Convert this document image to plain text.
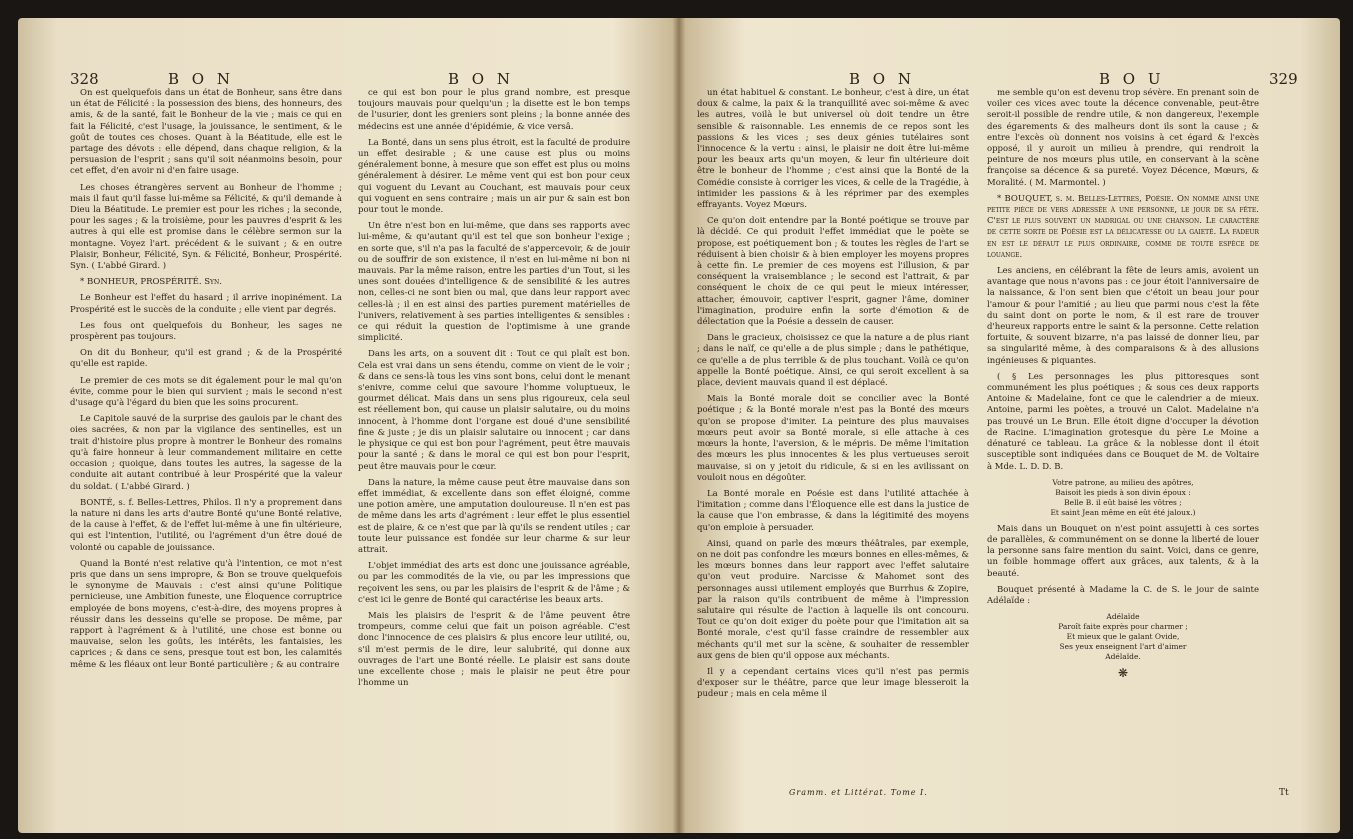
328	B O N	B O N

On est quelquefois dans un état de Bonheur, sans être dans un état de Félicité : la possession des biens, des honneurs, des amis, & de la santé, fait le Bonheur de la vie ; mais ce qui en fait la Félicité, c'est l'usage, la jouissance, le sentiment, & le goût de toutes ces choses. Quant à la Béatitude, elle est le partage des dévots : elle dépend, dans chaque religion, & la persuasion de l'esprit ; sans qu'il soit néanmoins besoin, pour cet effet, d'en avoir ni d'en faire usage.

Les choses étrangères servent au Bonheur de l'homme ; mais il faut qu'il fasse lui-même sa Félicité, & qu'il demande à Dieu la Béatitude. Le premier est pour les riches ; la seconde, pour les sages ; & la troisième, pour les pauvres d'esprit & les autres à qui elle est promise dans le célèbre sermon sur la montagne. Voyez l'art. précédent & le suivant ; & en outre Plaisir, Bonheur, Félicité, Syn. & Félicité, Bonheur, Prospérité. Syn. ( L'abbé Girard. )

* BONHEUR, PROSPÉRITÉ. Syn.

Le Bonheur est l'effet du hasard ; il arrive inopinément. La Prospérité est le succès de la conduite ; elle vient par degrés.

Les fous ont quelquefois du Bonheur, les sages ne prospèrent pas toujours.

On dit du Bonheur, qu'il est grand ; & de la Prospérité qu'elle est rapide.

Le premier de ces mots se dit également pour le mal qu'on évite, comme pour le bien qui survient ; mais le second n'est d'usage qu'à l'égard du bien que les soins procurent.

Le Capitole sauvé de la surprise des gaulois par le chant des oies sacrées, & non par la vigilance des sentinelles, est un trait d'histoire plus propre à montrer le Bonheur des romains qu'à faire honneur à leur commandement militaire en cette occasion ; quoique, dans toutes les autres, la sagesse de la conduite ait autant contribué à leur Prospérité que la valeur du soldat. ( L'abbé Girard. )

BONTÉ, s. f. Belles-Lettres, Philos. Il n'y a proprement dans la nature ni dans les arts d'autre Bonté qu'une Bonté relative, de la cause à l'effet, & de l'effet lui-même à une fin ultérieure, qui est l'intention, l'utilité, ou l'agrément d'un être doué de volonté ou capable de jouissance.

Quand la Bonté n'est relative qu'à l'intention, ce mot n'est pris que dans un sens impropre, & Bon se trouve quelquefois le synonyme de Mauvais : c'est ainsi qu'une Politique pernicieuse, une Ambition funeste, une Éloquence corruptrice employée de bons moyens, c'est-à-dire, des moyens propres à réussir dans les desseins qu'elle se propose. De même, par rapport à l'agrément & à l'utilité, une chose est bonne ou mauvaise, selon les goûts, les intérêts, les fantaisies, les caprices ; & dans ce sens, presque tout est bon, les calamités même & les fléaux ont leur Bonté particulière ; & au contraire

ce qui est bon pour le plus grand nombre, est presque toujours mauvais pour quelqu'un ; la disette est le bon temps de l'usurier, dont les greniers sont pleins ; la bonne année des médecins est une année d'épidémie, & vice versâ.

La Bonté, dans un sens plus étroit, est la faculté de produire un effet desirable ; & une cause est plus ou moins généralement bonne, à mesure que son effet est plus ou moins généralement à désirer. Le même vent qui est bon pour ceux qui voguent du Levant au Couchant, est mauvais pour ceux qui voguent en sens contraire ; mais un air pur & sain est bon pour tout le monde.

Un être n'est bon en lui-même, que dans ses rapports avec lui-même, & qu'autant qu'il est tel que son bonheur l'exige ; en sorte que, s'il n'a pas la faculté de s'appercevoir, & de jouir ou de souffrir de son existence, il n'est en lui-même ni bon ni mauvais. Par la même raison, entre les parties d'un Tout, si les unes sont douées d'intelligence & de sensibilité & les autres non, celles-ci ne sont bien ou mal, que dans leur rapport avec celles-là ; il en est ainsi des parties purement matérielles de l'univers, relativement à ses parties intelligentes & sensibles : ce qui réduit la question de l'optimisme à une grande simplicité.

Dans les arts, on a souvent dit : Tout ce qui plaît est bon. Cela est vrai dans un sens étendu, comme on vient de le voir ; & dans ce sens-là tous les vins sont bons, celui dont le menant s'enivre, comme celui que savoure l'homme voluptueux, le gourmet délicat. Mais dans un sens plus rigoureux, cela seul est réellement bon, qui cause un plaisir salutaire, ou du moins innocent, à l'homme dont l'organe est doué d'une sensibilité fine & juste ; je dis un plaisir salutaire ou innocent ; car dans le physique ce qui est bon pour l'agrément, peut être mauvais pour la santé ; & dans le moral ce qui est bon pour l'esprit, peut être mauvais pour le cœur.

Dans la nature, la même cause peut être mauvaise dans son effet immédiat, & excellente dans son effet éloigné, comme une potion amère, une amputation douloureuse. Il n'en est pas de même dans les arts d'agrément : leur effet le plus essentiel est de plaire, & ce n'est que par là qu'ils se rendent utiles ; car toute leur puissance est fondée sur leur charme & sur leur attrait.

L'objet immédiat des arts est donc une jouissance agréable, ou par les commodités de la vie, ou par les impressions que reçoivent les sens, ou par les plaisirs de l'esprit & de l'âme ; & c'est ici le genre de Bonté qui caractérise les beaux arts.

Mais les plaisirs de l'esprit & de l'âme peuvent être trompeurs, comme celui que fait un poison agréable. C'est donc l'innocence de ces plaisirs & plus encore leur utilité, ou, s'il m'est permis de le dire, leur salubrité, qui donne aux ouvrages de l'art une Bonté réelle. Le plaisir est sans doute une excellente chose ; mais le plaisir ne peut être pour l'homme un

B O N	B O U	329

un état habituel & constant. Le bonheur, c'est à dire, un état doux & calme, la paix & la tranquillité avec soi-même & avec les autres, voilà le but universel où doit tendre un être sensible & raisonnable. Les ennemis de ce repos sont les passions & les vices ; ses deux génies tutélaires sont l'innocence & la vertu : ainsi, le plaisir ne doit être lui-même pour les beaux arts qu'un moyen, & leur fin ultérieure doit être le bonheur de l'homme ; c'est ainsi que la Bonté de la Comédie consiste à corriger les vices, & celle de la Tragédie, à intimider les passions & à les réprimer par des exemples effrayants. Voyez Mœurs.

Ce qu'on doit entendre par la Bonté poétique se trouve par là décidé. Ce qui produit l'effet immédiat que le poète se propose, est poétiquement bon ; & toutes les règles de l'art se réduisent à bien choisir & à bien employer les moyens propres à cette fin. Le premier de ces moyens est l'illusion, & par conséquent la vraisemblance ; le second est l'attrait, & par conséquent le choix de ce qui peut le mieux intéresser, attacher, émouvoir, captiver l'esprit, gagner l'âme, dominer l'imagination, produire enfin la sorte d'émotion & de délectation que la Poésie a dessein de causer.

Dans le gracieux, choisissez ce que la nature a de plus riant ; dans le naïf, ce qu'elle a de plus simple ; dans le pathétique, ce qu'elle a de plus terrible & de plus touchant. Voilà ce qu'on appelle la Bonté poétique. Ainsi, ce qui seroit excellent à sa place, devient mauvais quand il est déplacé.

Mais la Bonté morale doit se concilier avec la Bonté poétique ; & la Bonté morale n'est pas la Bonté des mœurs qu'on se propose d'imiter. La peinture des plus mauvaises mœurs peut avoir sa Bonté morale, si elle attache à ces mœurs la honte, l'aversion, & le mépris. De même l'imitation des mœurs les plus innocentes & les plus vertueuses seroit mauvaise, si on y jetoit du ridicule, & si en les avilissant on vouloit nous en dégoûter.

La Bonté morale en Poésie est dans l'utilité attachée à l'imitation ; comme dans l'Éloquence elle est dans la justice de la cause que l'on embrasse, & dans la légitimité des moyens qu'on emploie à persuader.

Ainsi, quand on parle des mœurs théâtrales, par exemple, on ne doit pas confondre les mœurs bonnes en elles-mêmes, & les mœurs bonnes dans leur rapport avec l'effet salutaire qu'on veut produire. Narcisse & Mahomet sont des personnages aussi utilement employés que Burrhus & Zopire, par la raison qu'ils contribuent de même à l'impression salutaire qui résulte de l'action à laquelle ils ont concouru. Tout ce qu'on doit exiger du poète pour que l'imitation ait sa Bonté morale, c'est qu'il fasse craindre de ressembler aux méchants qu'il met sur la scène, & souhaiter de ressembler aux gens de bien qu'il oppose aux méchants.

Il y a cependant certains vices qu'il n'est pas permis d'exposer sur le théâtre, parce que leur image blesseroit la pudeur ; mais en cela même il

me semble qu'on est devenu trop sévère. En prenant soin de voiler ces vices avec toute la décence convenable, peut-être seroit-il possible de rendre utile, & non dangereux, l'exemple des égarements & des malheurs dont ils sont la cause ; & entre l'excès où donnent nos voisins à cet égard & l'excès opposé, il y auroit un milieu à prendre, qui rendroit la peinture de nos mœurs plus utile, en conservant à la scène françoise sa décence & sa pureté. Voyez Décence, Mœurs, & Moralité. ( M. Marmontel. )

* BOUQUET, s. m. Belles-Lettres, Poésie. On nomme ainsi une petite pièce de vers adressée à une personne, le jour de sa fête. C'est le plus souvent un madrigal ou une chanson. Le caractère de cette sorte de Poésie est la délicatesse ou la gaieté. La fadeur en est le défaut le plus ordinaire, comme de toute espèce de louange.

Les anciens, en célébrant la fête de leurs amis, avoient un avantage que nous n'avons pas : ce jour étoit l'anniversaire de la naissance, & l'on sent bien que c'étoit un beau jour pour l'amour & pour l'amitié ; au lieu que parmi nous c'est la fête du saint dont on porte le nom, & il est rare de trouver d'heureux rapports entre le saint & la personne. Cette relation fortuite, & souvent bizarre, n'a pas laissé de donner lieu, par sa singularité même, à des comparaisons & à des allusions ingénieuses & piquantes.

( § Les personnages les plus pittoresques sont communément les plus poétiques ; & sous ces deux rapports Antoine & Madelaine, font ce que le calendrier a de mieux. Antoine, parmi les poètes, a trouvé un Calot. Madelaine n'a pas trouvé un Le Brun. Elle étoit digne d'occuper la dévotion de Racine. L'imagination grotesque du père Le Moine a dénaturé ce tableau. La grâce & la noblesse dont il étoit susceptible sont indiquées dans ce Bouquet de M. de Voltaire à Mde. L. D. D. B.

Votre patrone, au milieu des apôtres,
Baisoit les pieds à son divin époux :
Belle B. il eût baisé les vôtres ;
Et saint Jean même en eût été jaloux.)

Mais dans un Bouquet on n'est point assujetti à ces sortes de parallèles, & communément on se donne la liberté de louer la personne sans faire mention du saint. Voici, dans ce genre, un foible hommage offert aux grâces, aux talents, & à la beauté.

Bouquet présenté à Madame la C. de S. le jour de sainte Adélaïde :

Adélaïde
Paroît faite exprès pour charmer ;
Et mieux que le galant Ovide,
Ses yeux enseignent l'art d'aimer
Adélaïde.
❋
Gramm. et Littérat. Tome I.	Tt
